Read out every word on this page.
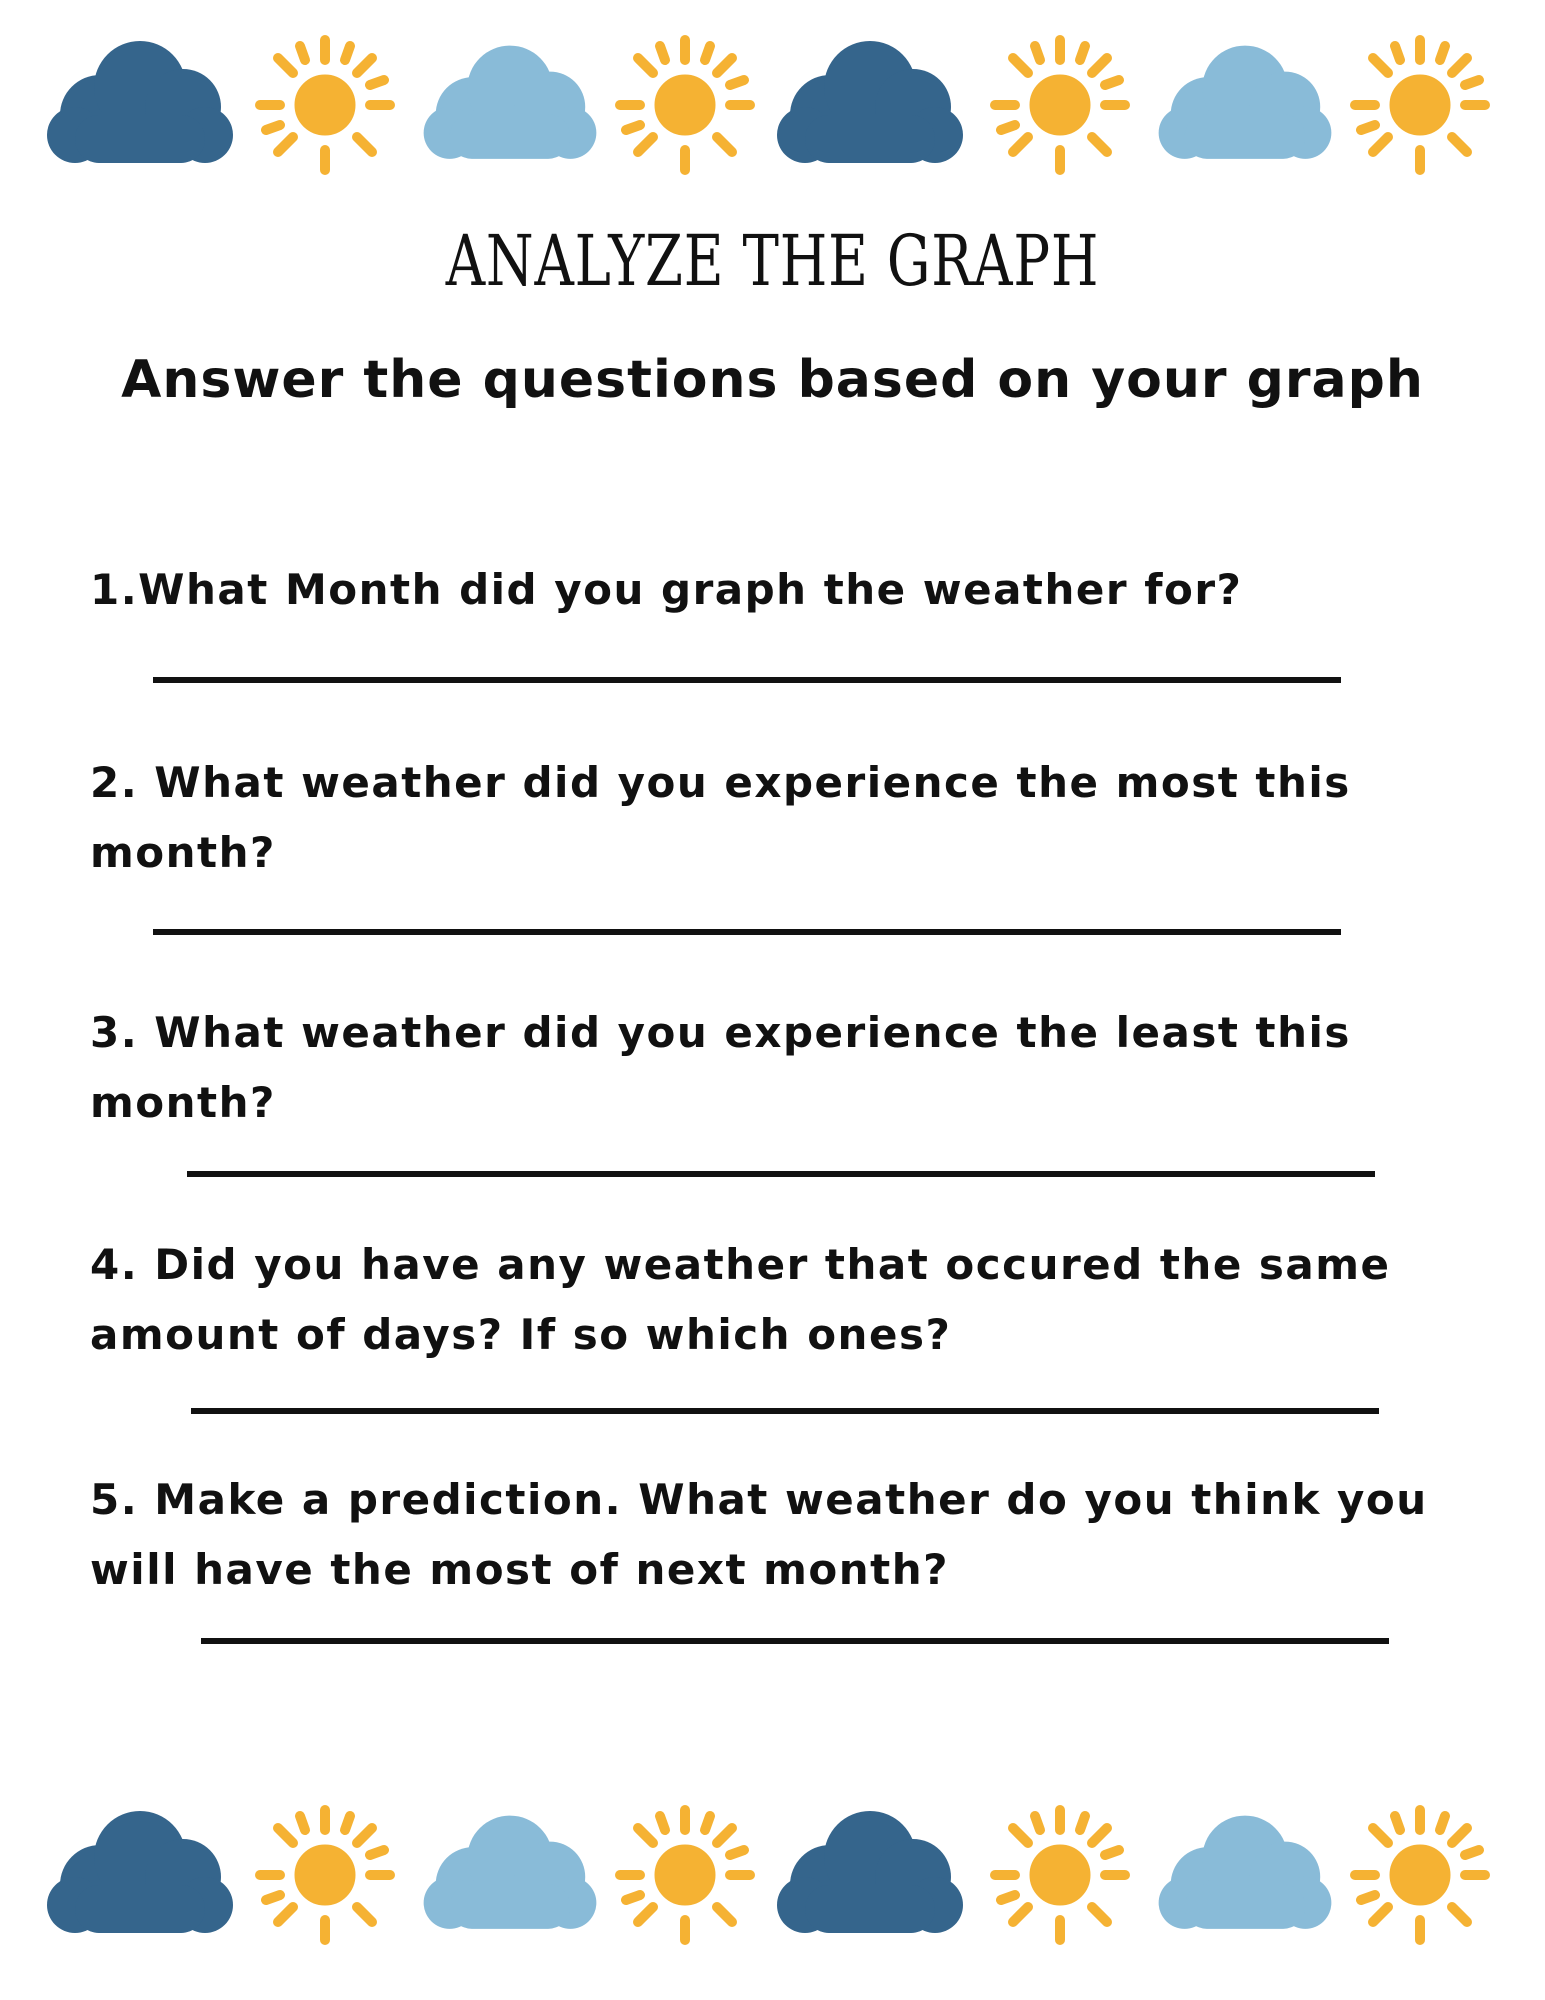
ANALYZE THE GRAPH
Answer the questions based on your graph
1.What Month did you graph the weather for?
2. What weather did you experience the most this month?
3. What weather did you experience the least this month?
4. Did you have any weather that occured the same amount of days? If so which ones?
5. Make a prediction. What weather do you think you will have the most of next month?
